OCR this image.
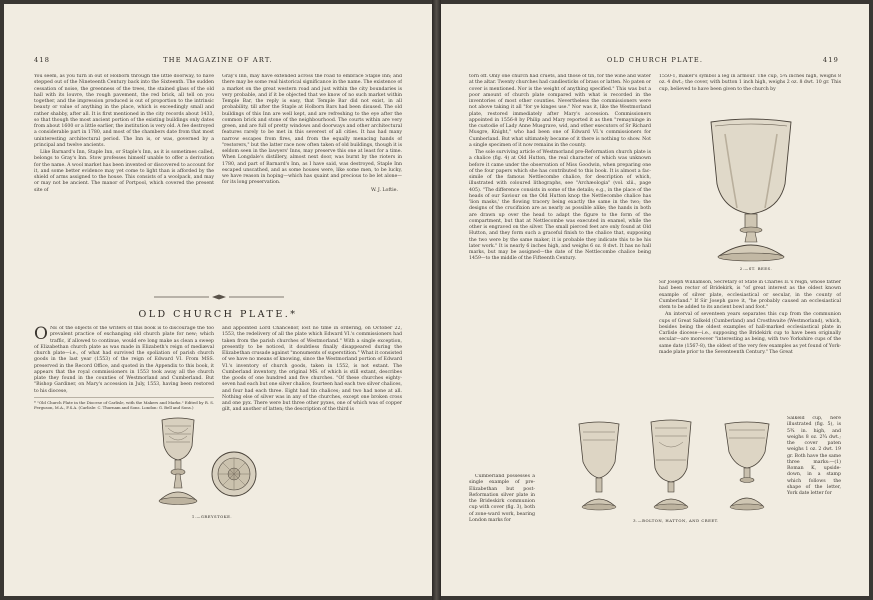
418	THE MAGAZINE OF ART.

You seem, as you turn in out of Holborn through the little doorway, to have stepped out of the Nineteenth Century back into the Sixteenth. The sudden cessation of noise, the greenness of the trees, the stained glass of the old hall with its louvre, the rough pavement, the red brick, all tell on you together, and the impression produced is out of proportion to the intrinsic beauty or value of anything in the place, which is exceedingly small and rather shabby, after all. It is first mentioned in the city records about 1433, so that though the most ancient portion of the existing buildings only dates from about 1600 or a little earlier, the institution is very old. A fee destroyed a considerable part in 1780, and most of the chambers date from that most uninteresting architectural period. The Inn is, or was, governed by a principal and twelve ancients.

Like Barnard's Inn, Staple Inn, or Staple's Inn, as it is sometimes called, belongs to Gray's Inn. Stow professes himself unable to offer a derivation for the name. A wool market has been invented or discovered to account for it, and some better evidence may yet come to light than is afforded by the shield of arms assigned to the house. This consists of a woolpack, and may or may not be ancient. The manor of Portpool, which covered the present site of

Gray's Inn, may have extended across the road to embrace Staple Inn; and there may be some real historical significance in the name. The existence of a market on the great western road and just within the city boundaries is very probable, and if it be objected that we know of no such market within Temple Bar, the reply is easy, that Temple Bar did not exist, in all probability, till after the Staple at Holborn Bars had been disused. The old buildings of this Inn are well kept, and are refreshing to the eye after the common brick and stone of the neighbourhood. The courts within are very green, and are full of pretty windows and doorways and other architectural features rarely to be met in this severest of all cities. It has had many narrow escapes from fires, and from the equally menacing hands of "restorers," but the latter race now often taken of old buildings, though it is seldom seen in the lawyers' Inns, may preserve this one at least for a time. When Longdale's distillery, almost next door, was burnt by the rioters in 1780, and part of Barnard's Inn, as I have said, was destroyed, Staple Inn escaped unscathed, and as some houses were, like some men, to be lucky, we have reason in hoping—which has quaint and precious to be let alone—for its long preservation.

W. J. Loftie.
OLD CHURCH PLATE.*
O NE of the objects of the writers of this book is to discourage the too prevalent practice of exchanging old church plate for new; which traffic, if allowed to continue, would ere long make as clean a sweep of Elizabethan church plate as was made in Elizabeth's reign of mediæval church plate—i.e., of what had survived the spoliation of parish church goods in the last year (1553) of the reign of Edward VI. From MSS. preserved in the Record Office, and quoted in the Appendix to this book, it appears that the royal commissioners in 1553 took away all the church plate they found in the counties of Westmorland and Cumberland. But "Bishop Gardiner, on Mary's accession in July, 1553, having been restored to his diocese,

* "Old Church Plate in the Diocese of Carlisle, with the Makers and Marks." Edited by R. S. Ferguson, M.A., F.S.A. (Carlisle: C. Thurnam and Sons. London: G. Bell and Sons.)

and appointed Lord Chancellor, lost no time in ordering, on October 22, 1553, the redelivery of all the plate which Edward VI.'s commissioners had taken from the parish churches of Westmorland." With a single exception, presently to be noticed, it doubtless finally disappeared during the Elizabethan crusade against "monuments of superstition." What it consisted of we have no means of knowing, since the Westmorland portion of Edward VI.'s inventory of church goods, taken in 1552, is not extant. The Cumberland inventory, the original MS. of which is still extant, describes the goods of one hundred and five churches. "Of these churches eighty-seven had each but one silver chalice, fourteen had each two silver chalices, and four had each three. Eight had tin chalices; and two had none at all. Nothing else of silver was in any of the churches, except one broken cross and one pyx. There were but three other pyxes, one of which was of copper gilt, and another of latten; the description of the third is

1.—GREYSTOKE.
OLD CHURCH PLATE.	419

torn off. Only one church had cruets, and those of tin, for the wine and water at the altar. Twenty churches had candlesticks of brass or latten. No paten or cover is mentioned. Nor is the weight of anything specified." This was but a poor amount of church plate compared with what is recorded in the inventories of most other counties. Nevertheless the commissioners were not above taking it all "for ye kinges use." Nor was it, like the Westmorland plate, restored immediately after Mary's accession. Commissioners appointed in 1556-8 by Philip and Mary reported it as then "remayninge in the custodie of Lady Anne Musgrave, wid, and other executors of Sr Richard Musgre, Knight," who had been one of Edward VI.'s commissioners for Cumberland. But what ultimately became of it there is nothing to show. Not a single specimen of it now remains in the county.

The sole surviving article of Westmorland pre-Reformation church plate is a chalice (fig. 4) at Old Hutton, the real character of which was unknown before it came under the observation of Miss Goodwin, when preparing one of the four papers which she has contributed to this book. It is almost a fac-simile of the famous Nettlecombe chalice, for description of which, illustrated with coloured lithographs, see "Archæologia" (vol. xlii., page 405). "The difference consists in some of the details; e.g., in the place of the heads of our Saviour on the Old Hutton knop the Nettlecombe chalice has 'lion masks,' the flowing tracery being exactly the same in the two; the designs of the crucifixion are as nearly as possible alike; the hands in both are drawn up over the head to adapt the figure to the form of the compartment, but that at Nettlecombe was executed in enamel, while the other is engraved on the silver. The small pierced feet are only found at Old Hutton, and they form such a graceful finish to the chalice that, supposing the two were by the same maker, it is probable they indicate this to be his later work." It is nearly 6 inches high, and weighs 6 oz. 8 dwt. It has no hall marks, but may be assigned—the date of the Nettlecombe chalice being 1459—to the middle of the Fifteenth Century.

Cumberland possesses a single example of pre-Elizabethan but post-Reformation silver plate in the Brideskirk communion cup with cover (fig. 3), both of zone-ward work, bearing London marks for

1550-1, maker's symbol a leg in armour. The cup, 5¾ inches high, weighs 8 oz. 4 dwt.; the cover, with button 1 inch high, weighs 2 oz. 8 dwt. 10 gr. This cup, believed to have been given to the church by

2.—ST. BEES.

Sir Joseph Williamson, Secretary of State in Charles II.'s reign, whose father had been rector of Bridekirk, is "of great interest as the oldest known example of silver plate, ecclesiastical or secular, in the county of Cumberland." If Sir Joseph gave it, "he probably caused an ecclesiastical stem to be added to its ancient bowl and foot."

An interval of seventeen years separates this cup from the communion cups of Great Salkeld (Cumberland) and Crosthwaite (Westmorland), which, besides being the oldest examples of hall-marked ecclesiastical plate in Carlisle diocese—i.e., supposing the Bridekirk cup to have been originally secular—are moreover "interesting as being, with two Yorkshire cups of the same date (1567-8), the oldest of the very few examples as yet found of York-made plate prior to the Seventeenth Century." The Great

Salkeld cup, here illustrated (fig. 5), is 5¾ in. high, and weighs 8 oz. 2¾ dwt.; the cover paten weighs 1 oz. 2 dwt. 19 gr. Both have the same three marks:—(1) Roman K, upside-down, in a stamp which follows the shape of the letter, York date letter for

3.—BOLTON, HATTON, AND CREET.
